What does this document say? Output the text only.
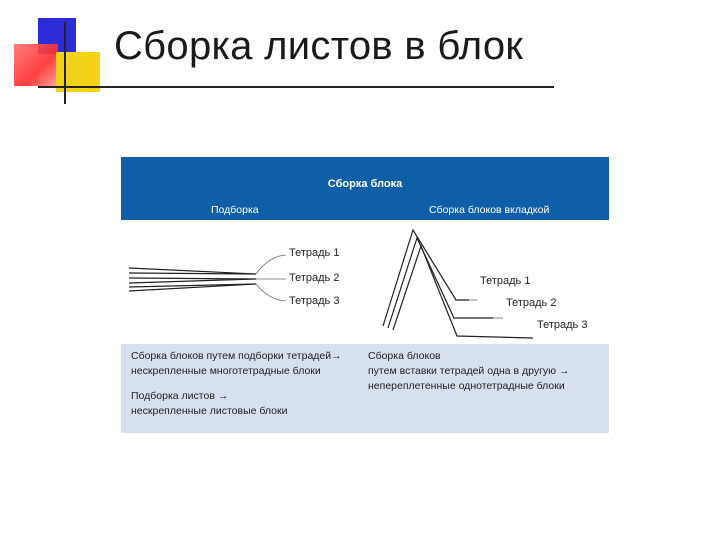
Сборка листов в блок
Сборка блока
Подборка	Сборка блоков вкладкой
Тетрадь 1
Тетрадь 2
Тетрадь 3
Тетрадь 1
Тетрадь 2
Тетрадь 3
Сборка блоков путем подборки тетрадей→
нескрепленные многотетрадные блоки
Подборка листов →
нескрепленные листовые блоки
Сборка блоков
путем вставки тетрадей одна в другую →
непереплетенные однотетрадные блоки
